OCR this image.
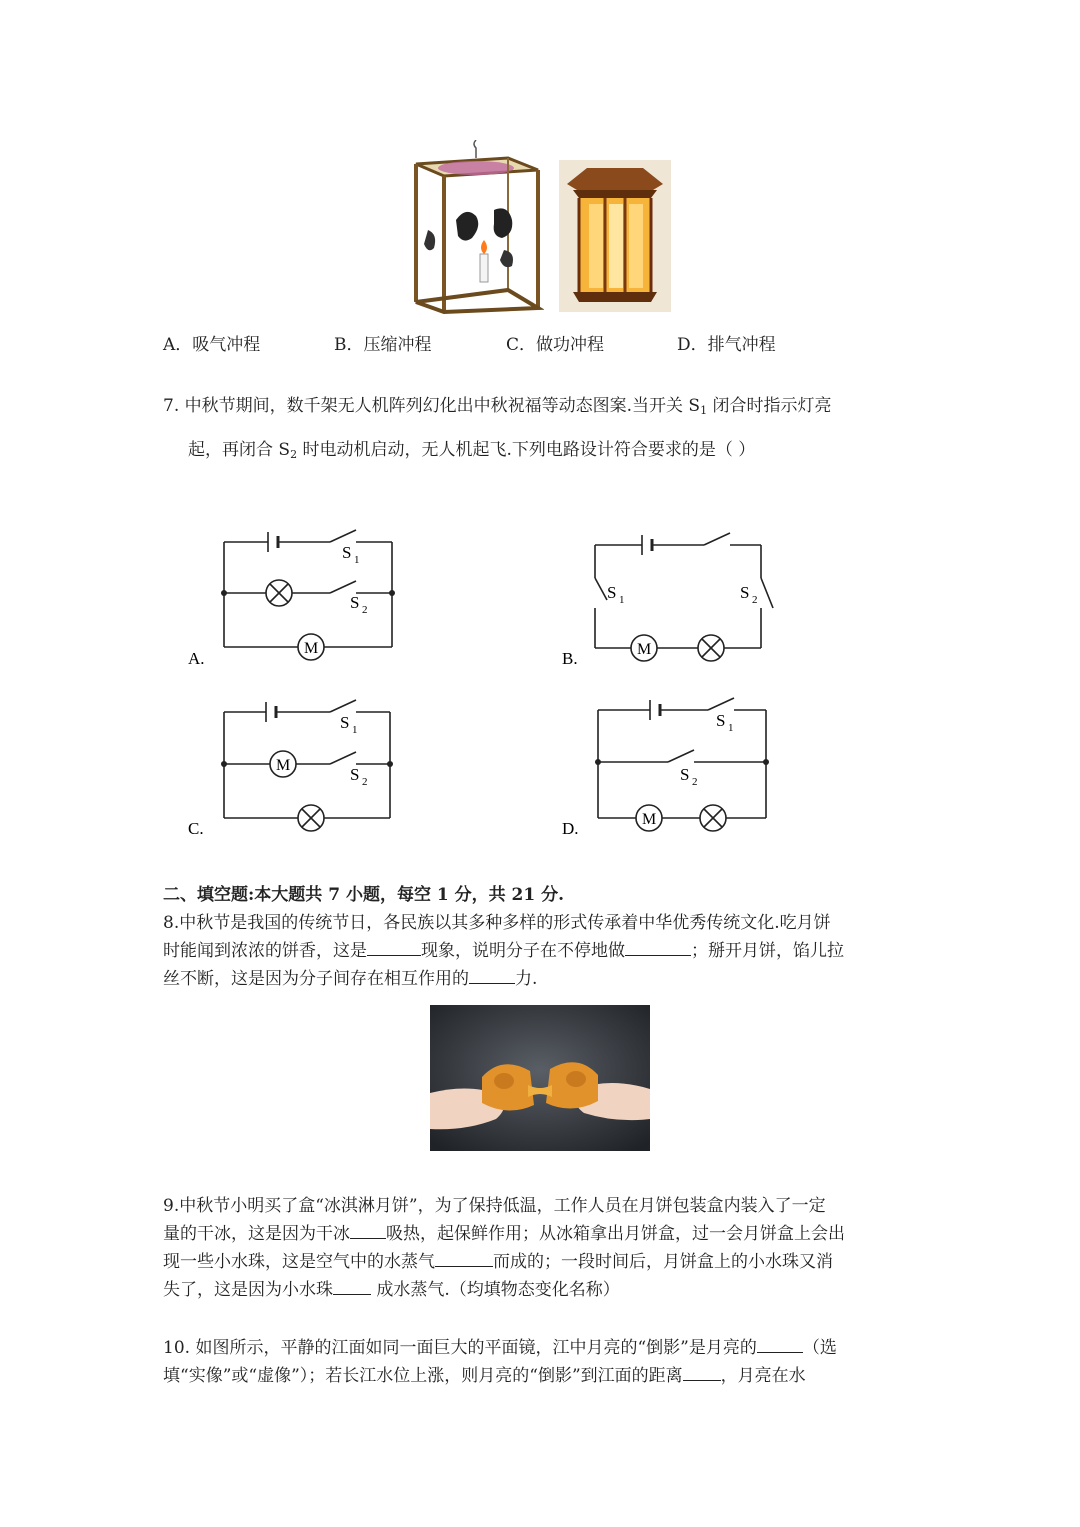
A．吸气冲程	B．压缩冲程	C．做功冲程	D．排气冲程
7. 中秋节期间，数千架无人机阵列幻化出中秋祝福等动态图案.当开关 $S_1$ 闭合时指示灯亮
起，再闭合 $S_2$ 时电动机启动，无人机起飞.下列电路设计符合要求的是（ ）
M
S 1
S 2
A.	M
S 1	S 2
B.
M
S 1
S 2
C.	M
S 1
S 2
D.
二、填空题:本大题共 7 小题，每空 1 分，共 21 分.
8.中秋节是我国的传统节日，各民族以其多种多样的形式传承着中华优秀传统文化.吃月饼
时能闻到浓浓的饼香，这是	现象，说明分子在不停地做	；掰开月饼，馅儿拉
丝不断，这是因为分子间存在相互作用的	力.
9.中秋节小明买了盒“冰淇淋月饼”，为了保持低温，工作人员在月饼包装盒内装入了一定
量的干冰，这是因为干冰 吸热，起保鲜作用；从冰箱拿出月饼盒，过一会月饼盒上会出
现一些小水珠，这是空气中的水蒸气	而成的；一段时间后，月饼盒上的小水珠又消
失了，这是因为小水珠 成水蒸气.（均填物态变化名称）
10. 如图所示，平静的江面如同一面巨大的平面镜，江中月亮的“倒影”是月亮的	（选
填“实像”或“虚像”）；若长江水位上涨，则月亮的“倒影”到江面的距离 ，月亮在水
